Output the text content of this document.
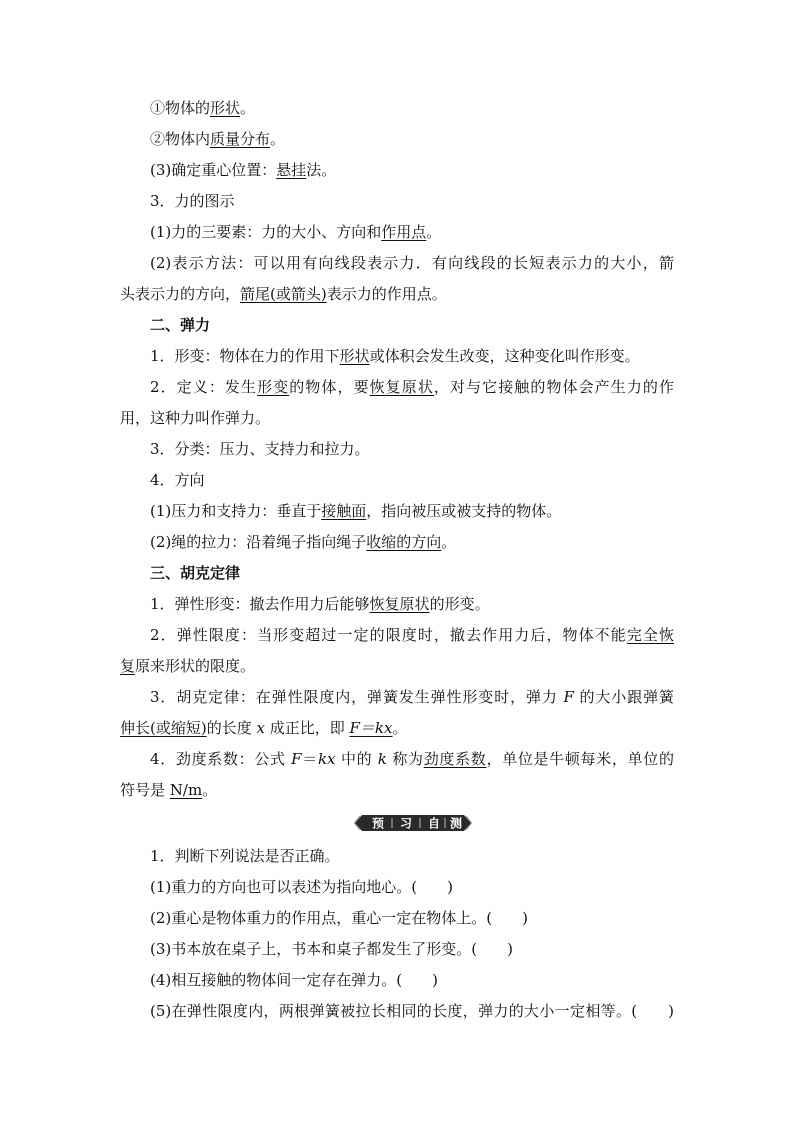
①物体的形状。
②物体内质量分布。
(3)确定重心位置：悬挂法。
3．力的图示
(1)力的三要素：力的大小、方向和作用点。
(2)表示方法：可以用有向线段表示力．有向线段的长短表示力的大小，箭
头表示力的方向，箭尾(或箭头)表示力的作用点。
二、弹力
1．形变：物体在力的作用下形状或体积会发生改变，这种变化叫作形变。
2．定义：发生形变的物体，要恢复原状，对与它接触的物体会产生力的作
用，这种力叫作弹力。
3．分类：压力、支持力和拉力。
4．方向
(1)压力和支持力：垂直于接触面，指向被压或被支持的物体。
(2)绳的拉力：沿着绳子指向绳子收缩的方向。
三、胡克定律
1．弹性形变：撤去作用力后能够恢复原状的形变。
2．弹性限度：当形变超过一定的限度时，撤去作用力后，物体不能完全恢
复原来形状的限度。
3．胡克定律：在弹性限度内，弹簧发生弹性形变时，弹力 F 的大小跟弹簧
伸长(或缩短)的长度 x 成正比，即 F＝kx。
4．劲度系数：公式 F＝kx 中的 k 称为劲度系数，单位是牛顿每米，单位的
符号是 N/m。
预 习 自 测
1．判断下列说法是否正确。
(1)重力的方向也可以表述为指向地心。(　　)
(2)重心是物体重力的作用点，重心一定在物体上。(　　)
(3)书本放在桌子上，书本和桌子都发生了形变。(　　)
(4)相互接触的物体间一定存在弹力。(　　)
(5)在弹性限度内，两根弹簧被拉长相同的长度，弹力的大小一定相等。(　　)
